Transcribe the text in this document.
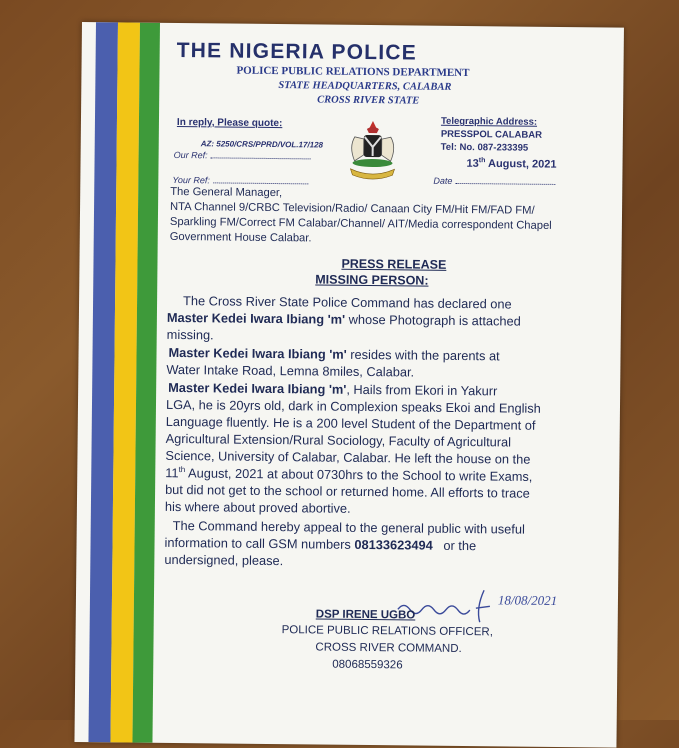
THE NIGERIA POLICE
POLICE PUBLIC RELATIONS DEPARTMENT
STATE HEADQUARTERS, CALABAR
CROSS RIVER STATE
In reply, Please quote:
AZ: 5250/CRS/PPRD/VOL.17/128
Our Ref:
Your Ref:
Telegraphic Address:
PRESSPOL CALABAR
Tel: No. 087-233395
13th August, 2021
Date
The General Manager,
NTA Channel 9/CRBC Television/Radio/ Canaan City FM/Hit FM/FAD FM/
Sparkling FM/Correct FM Calabar/Channel/ AIT/Media correspondent Chapel
Government House Calabar.
PRESS RELEASE
MISSING PERSON:
The Cross River State Police Command has declared one
Master Kedei Iwara Ibiang 'm' whose Photograph is attached
missing.
Master Kedei Iwara Ibiang 'm' resides with the parents at
Water Intake Road, Lemna 8miles, Calabar.
Master Kedei Iwara Ibiang 'm', Hails from Ekori in Yakurr
LGA, he is 20yrs old, dark in Complexion speaks Ekoi and English
Language fluently. He is a 200 level Student of the Department of
Agricultural Extension/Rural Sociology, Faculty of Agricultural
Science, University of Calabar, Calabar. He left the house on the
11th August, 2021 at about 0730hrs to the School to write Exams,
but did not get to the school or returned home. All efforts to trace
his where about proved abortive.
The Command hereby appeal to the general public with useful
information to call GSM numbers 08133623494   or the
undersigned, please.
18/08/2021
DSP IRENE UGBO
POLICE PUBLIC RELATIONS OFFICER,
CROSS RIVER COMMAND.
08068559326
